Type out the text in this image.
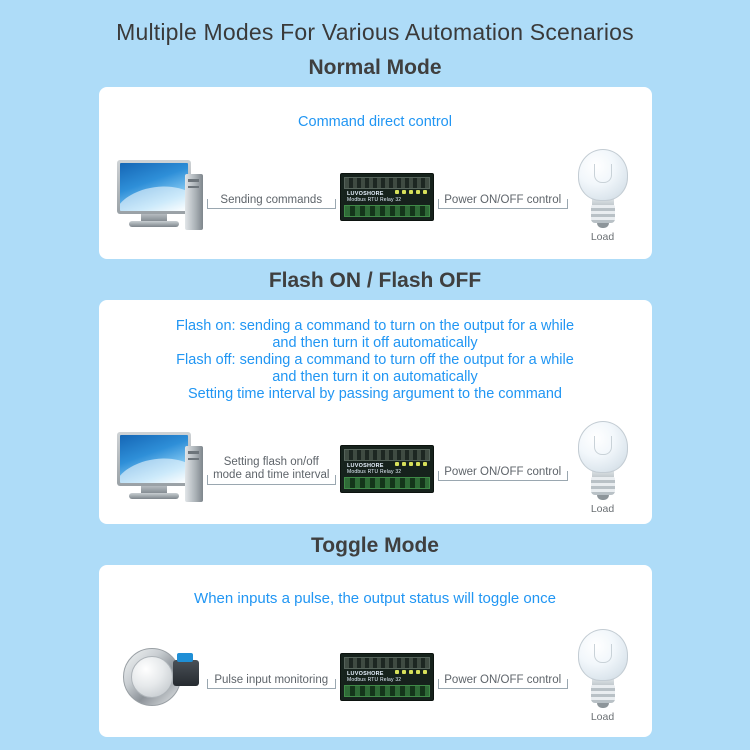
Multiple Modes For Various Automation Scenarios
Normal Mode
Command direct control
Sending commands
LUVOSHORE
Modbus RTU Relay 32	Power ON/OFF control
Load
Flash ON / Flash OFF
Flash on: sending a command to turn on the output for a while
and then turn it off automatically
Flash off: sending a command to turn off the output for a while
and then turn it on automatically
Setting time interval by passing argument to the command
Setting flash on/off
mode and time interval
LUVOSHORE
Modbus RTU Relay 32	Power ON/OFF control
Load
Toggle Mode
When inputs a pulse, the output status will toggle once
Pulse input monitoring
LUVOSHORE
Modbus RTU Relay 32	Power ON/OFF control
Load
